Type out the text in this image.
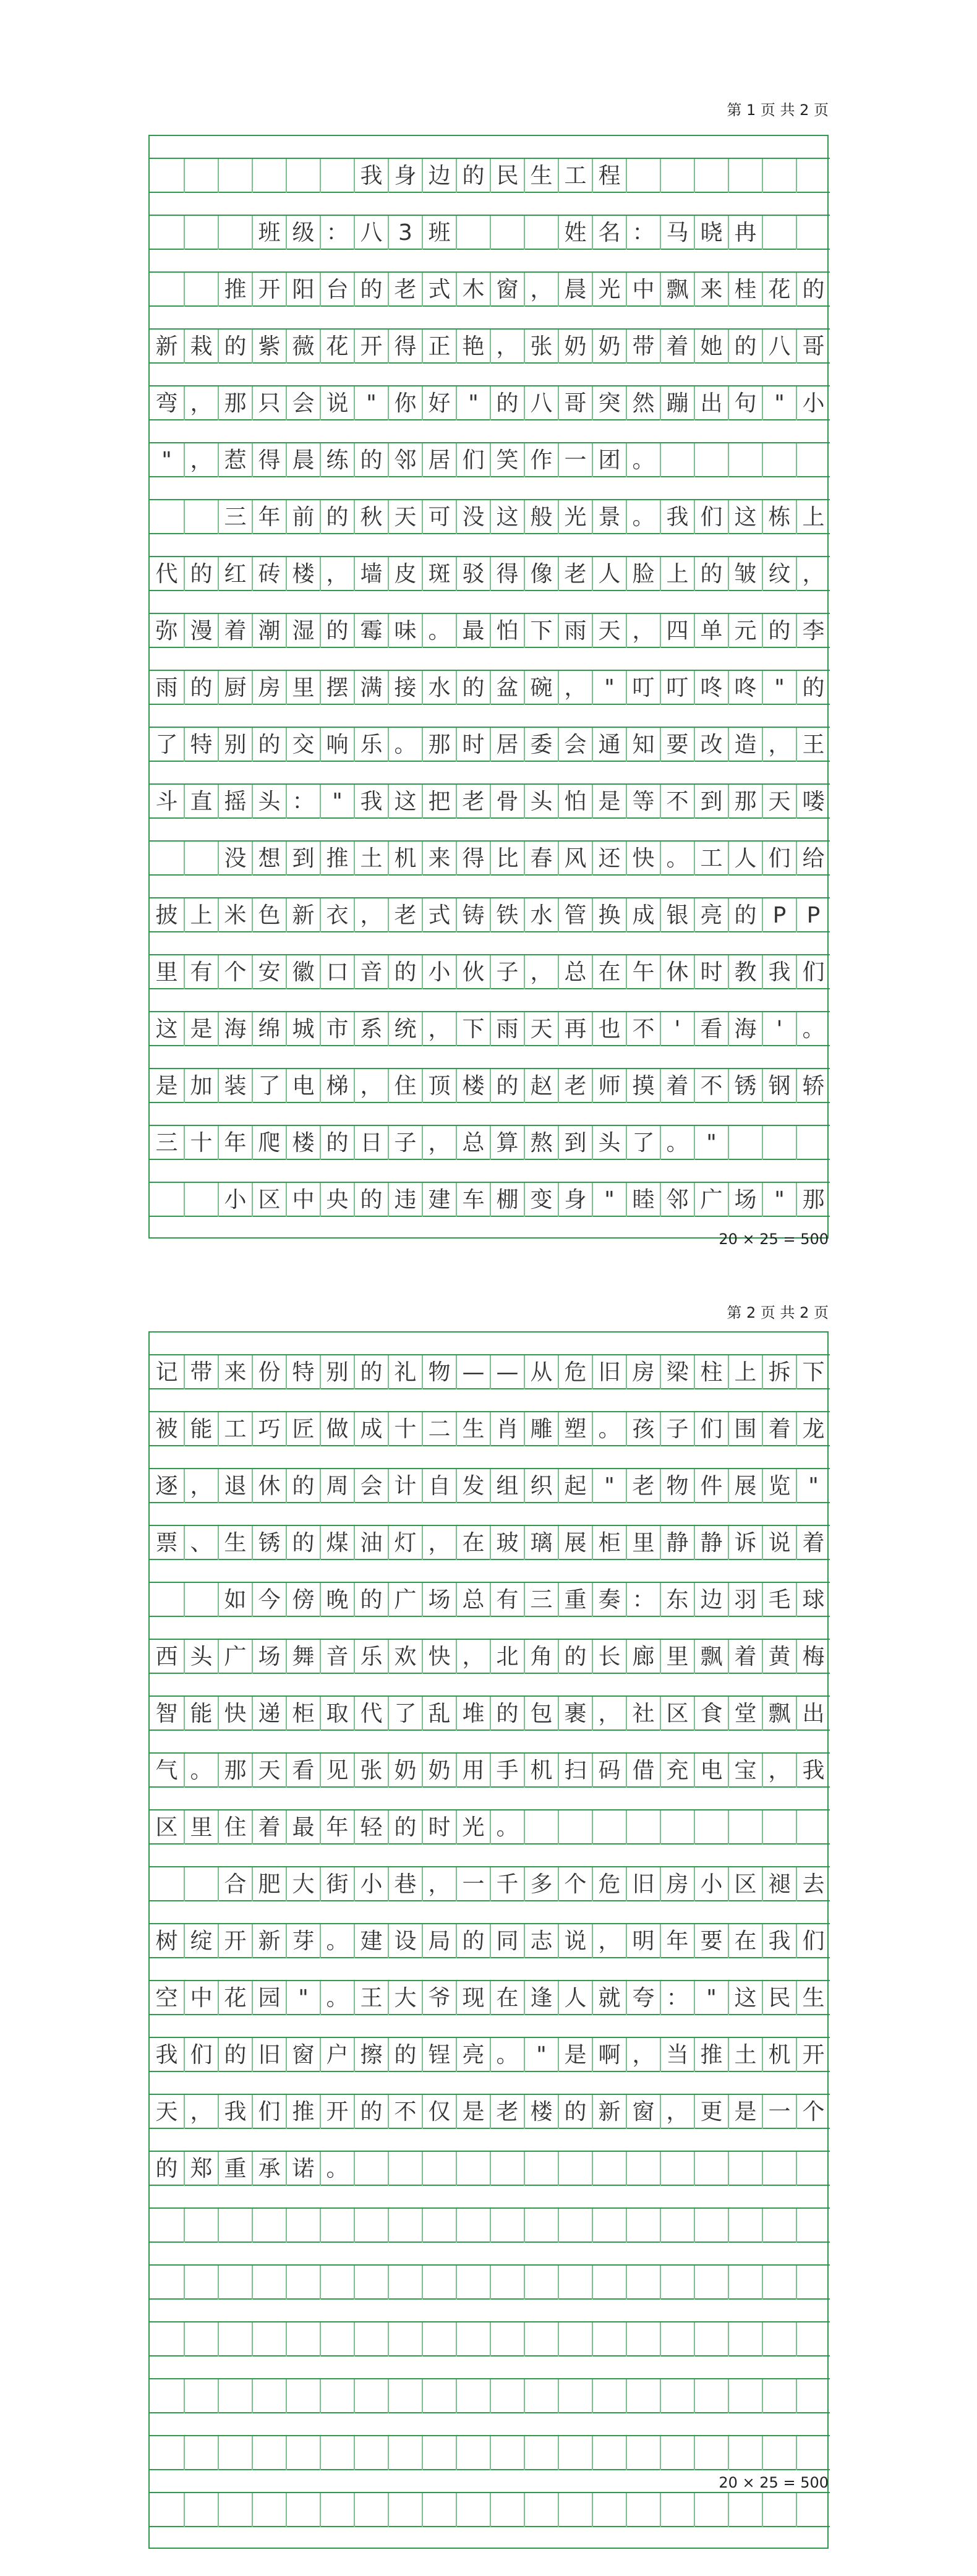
第 1 页 共 2 页
我 身 边 的 民 生 工 程
班 级 ： 八 3 班	姓 名 ： 马 晓 冉
推 开 阳 台 的 老 式 木 窗 ， 晨 光 中 飘 来 桂 花 的
新 栽 的 紫 薇 花 开 得 正 艳 ， 张 奶 奶 带 着 她 的 八 哥
弯 ， 那 只 会 说 " 你 好 " 的 八 哥 突 然 蹦 出 句 " 小
" ， 惹 得 晨 练 的 邻 居 们 笑 作 一 团 。
三 年 前 的 秋 天 可 没 这 般 光 景 。 我 们 这 栋 上
代 的 红 砖 楼 ， 墙 皮 斑 驳 得 像 老 人 脸 上 的 皱 纹 ，
弥 漫 着 潮 湿 的 霉 味 。 最 怕 下 雨 天 ， 四 单 元 的 李
雨 的 厨 房 里 摆 满 接 水 的 盆 碗 ， " 叮 叮 咚 咚 " 的
了 特 别 的 交 响 乐 。 那 时 居 委 会 通 知 要 改 造 ， 王
斗 直 摇 头 ： " 我 这 把 老 骨 头 怕 是 等 不 到 那 天 喽
没 想 到 推 土 机 来 得 比 春 风 还 快 。 工 人 们 给
披 上 米 色 新 衣 ， 老 式 铸 铁 水 管 换 成 银 亮 的 P P
里 有 个 安 徽 口 音 的 小 伙 子 ， 总 在 午 休 时 教 我 们
这 是 海 绵 城 市 系 统 ， 下 雨 天 再 也 不 ' 看 海 ' 。
是 加 装 了 电 梯 ， 住 顶 楼 的 赵 老 师 摸 着 不 锈 钢 轿
三 十 年 爬 楼 的 日 子 ， 总 算 熬 到 头 了 。 "
小 区 中 央 的 违 建 车 棚 变 身 " 睦 邻 广 场 " 那
20 × 25 = 500
第 2 页 共 2 页
记 带 来 份 特 别 的 礼 物 — — 从 危 旧 房 梁 柱 上 拆 下
被 能 工 巧 匠 做 成 十 二 生 肖 雕 塑 。 孩 子 们 围 着 龙
逐 ， 退 休 的 周 会 计 自 发 组 织 起 " 老 物 件 展 览 "
票 、 生 锈 的 煤 油 灯 ， 在 玻 璃 展 柜 里 静 静 诉 说 着
如 今 傍 晚 的 广 场 总 有 三 重 奏 ： 东 边 羽 毛 球
西 头 广 场 舞 音 乐 欢 快 ， 北 角 的 长 廊 里 飘 着 黄 梅
智 能 快 递 柜 取 代 了 乱 堆 的 包 裹 ， 社 区 食 堂 飘 出
气 。 那 天 看 见 张 奶 奶 用 手 机 扫 码 借 充 电 宝 ， 我
区 里 住 着 最 年 轻 的 时 光 。
合 肥 大 街 小 巷 ， 一 千 多 个 危 旧 房 小 区 褪 去
树 绽 开 新 芽 。 建 设 局 的 同 志 说 ， 明 年 要 在 我 们
空 中 花 园 " 。 王 大 爷 现 在 逢 人 就 夸 ： " 这 民 生
我 们 的 旧 窗 户 擦 的 锃 亮 。 " 是 啊 ， 当 推 土 机 开
天 ， 我 们 推 开 的 不 仅 是 老 楼 的 新 窗 ， 更 是 一 个
的 郑 重 承 诺 。
20 × 25 = 500
